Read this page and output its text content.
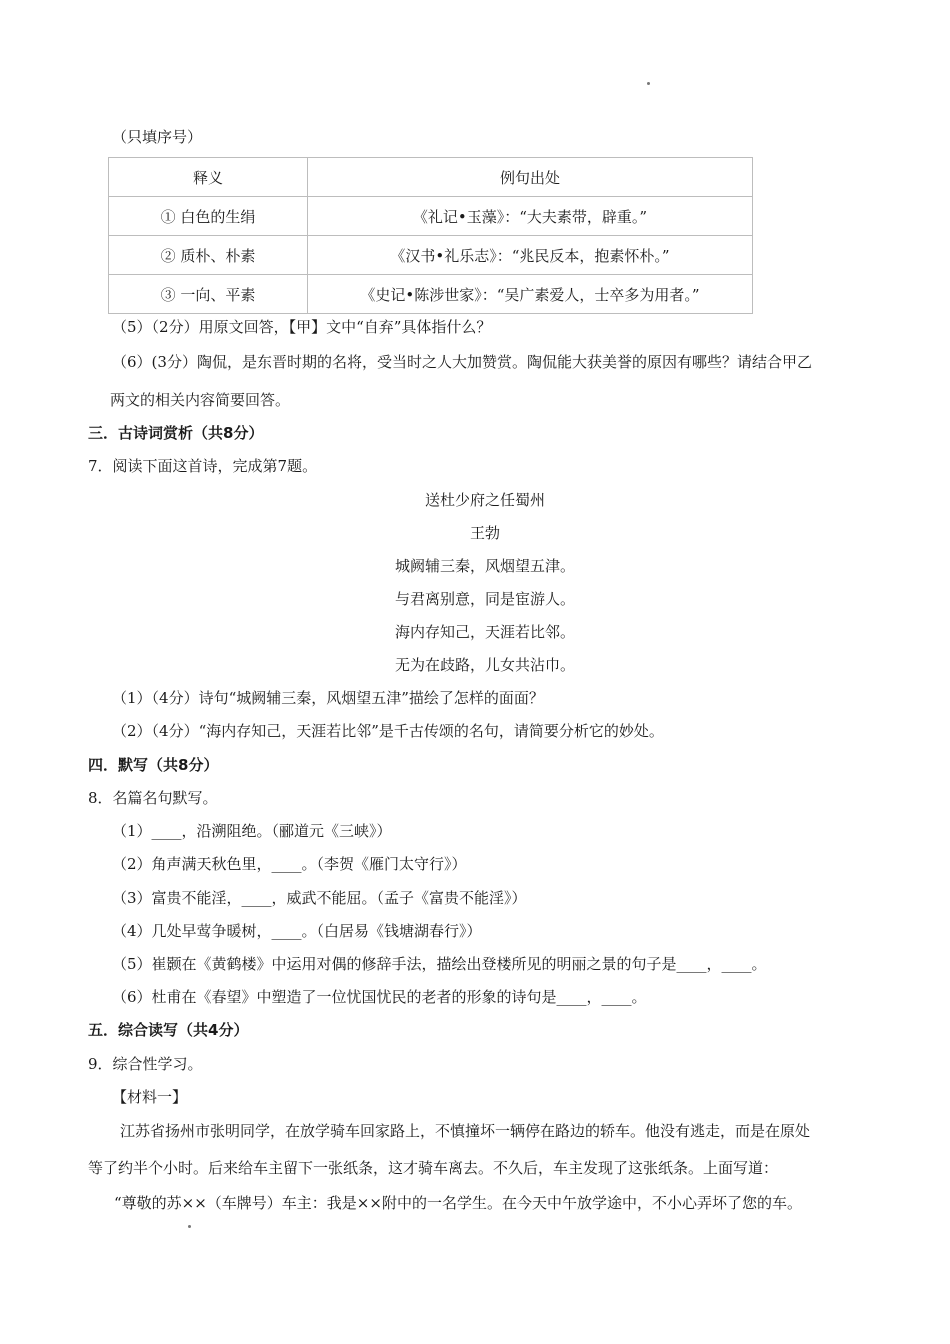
（只填序号）
释义	例句出处
① 白色的生绢	《礼记•玉藻》：“大夫素带，辟重。”
② 质朴、朴素	《汉书•礼乐志》：“兆民反本，抱素怀朴。”
③ 一向、平素	《史记•陈涉世家》：“吴广素爱人，士卒多为用者。”
（5）（2分）用原文回答，【甲】文中“自弃”具体指什么？
（6）(3分）陶侃，是东晋时期的名将，受当时之人大加赞赏。陶侃能大获美誉的原因有哪些？请结合甲乙
两文的相关内容简要回答。
三．古诗词赏析（共8分）
7．阅读下面这首诗，完成第7题。
送杜少府之任蜀州
王勃
城阙辅三秦，风烟望五津。
与君离别意，同是宦游人。
海内存知己，天涯若比邻。
无为在歧路，儿女共沾巾。
（1）（4分）诗句“城阙辅三秦，风烟望五津”描绘了怎样的面面？
（2）（4分）“海内存知己，天涯若比邻”是千古传颂的名句，请简要分析它的妙处。
四．默写（共8分）
8．名篇名句默写。
（1）____，沿溯阻绝。（郦道元《三峡》）
（2）角声满天秋色里，____。（李贺《雁门太守行》）
（3）富贵不能淫，____，威武不能屈。（孟子《富贵不能淫》）
（4）几处早莺争暖树，____。（白居易《钱塘湖春行》）
（5）崔颢在《黄鹤楼》中运用对偶的修辞手法，描绘出登楼所见的明丽之景的句子是____，____。
（6）杜甫在《春望》中塑造了一位忧国忧民的老者的形象的诗句是____，____。
五．综合读写（共4分）
9．综合性学习。
【材料一】
江苏省扬州市张明同学，在放学骑车回家路上，不慎撞坏一辆停在路边的轿车。他没有逃走，而是在原处
等了约半个小时。后来给车主留下一张纸条，这才骑车离去。不久后，车主发现了这张纸条。上面写道：
“尊敬的苏××（车牌号）车主：我是××附中的一名学生。在今天中午放学途中，不小心弄坏了您的车。
